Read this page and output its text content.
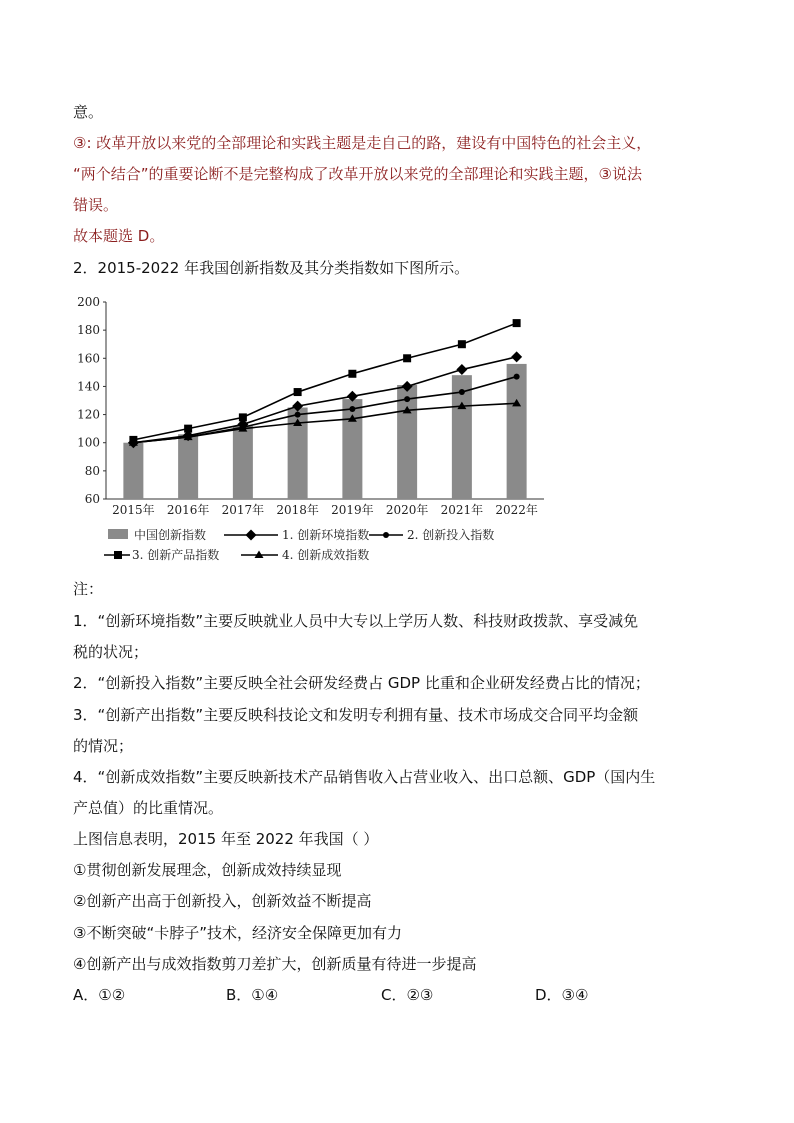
意。
③: 改革开放以来党的全部理论和实践主题是走自己的路，建设有中国特色的社会主义，
“两个结合”的重要论断不是完整构成了改革开放以来党的全部理论和实践主题，③说法
错误。
故本题选 D。
2．2015-2022 年我国创新指数及其分类指数如下图所示。
60
80
100
120
140
160
180
200
2015年 2016年 2017年 2018年 2019年 2020年 2021年 2022年
中国创新指数	1. 创新环境指数	2. 创新投入指数
3. 创新产品指数	4. 创新成效指数
注：
1．“创新环境指数”主要反映就业人员中大专以上学历人数、科技财政拨款、享受减免
税的状况；
2．“创新投入指数”主要反映全社会研发经费占 GDP 比重和企业研发经费占比的情况；
3．“创新产出指数”主要反映科技论文和发明专利拥有量、技术市场成交合同平均金额
的情况；
4．“创新成效指数”主要反映新技术产品销售收入占营业收入、出口总额、GDP（国内生
产总值）的比重情况。
上图信息表明，2015 年至 2022 年我国（ ）
①贯彻创新发展理念，创新成效持续显现
②创新产出高于创新投入，创新效益不断提高
③不断突破“卡脖子”技术，经济安全保障更加有力
④创新产出与成效指数剪刀差扩大，创新质量有待进一步提高
A．①②	B．①④	C．②③	D．③④
